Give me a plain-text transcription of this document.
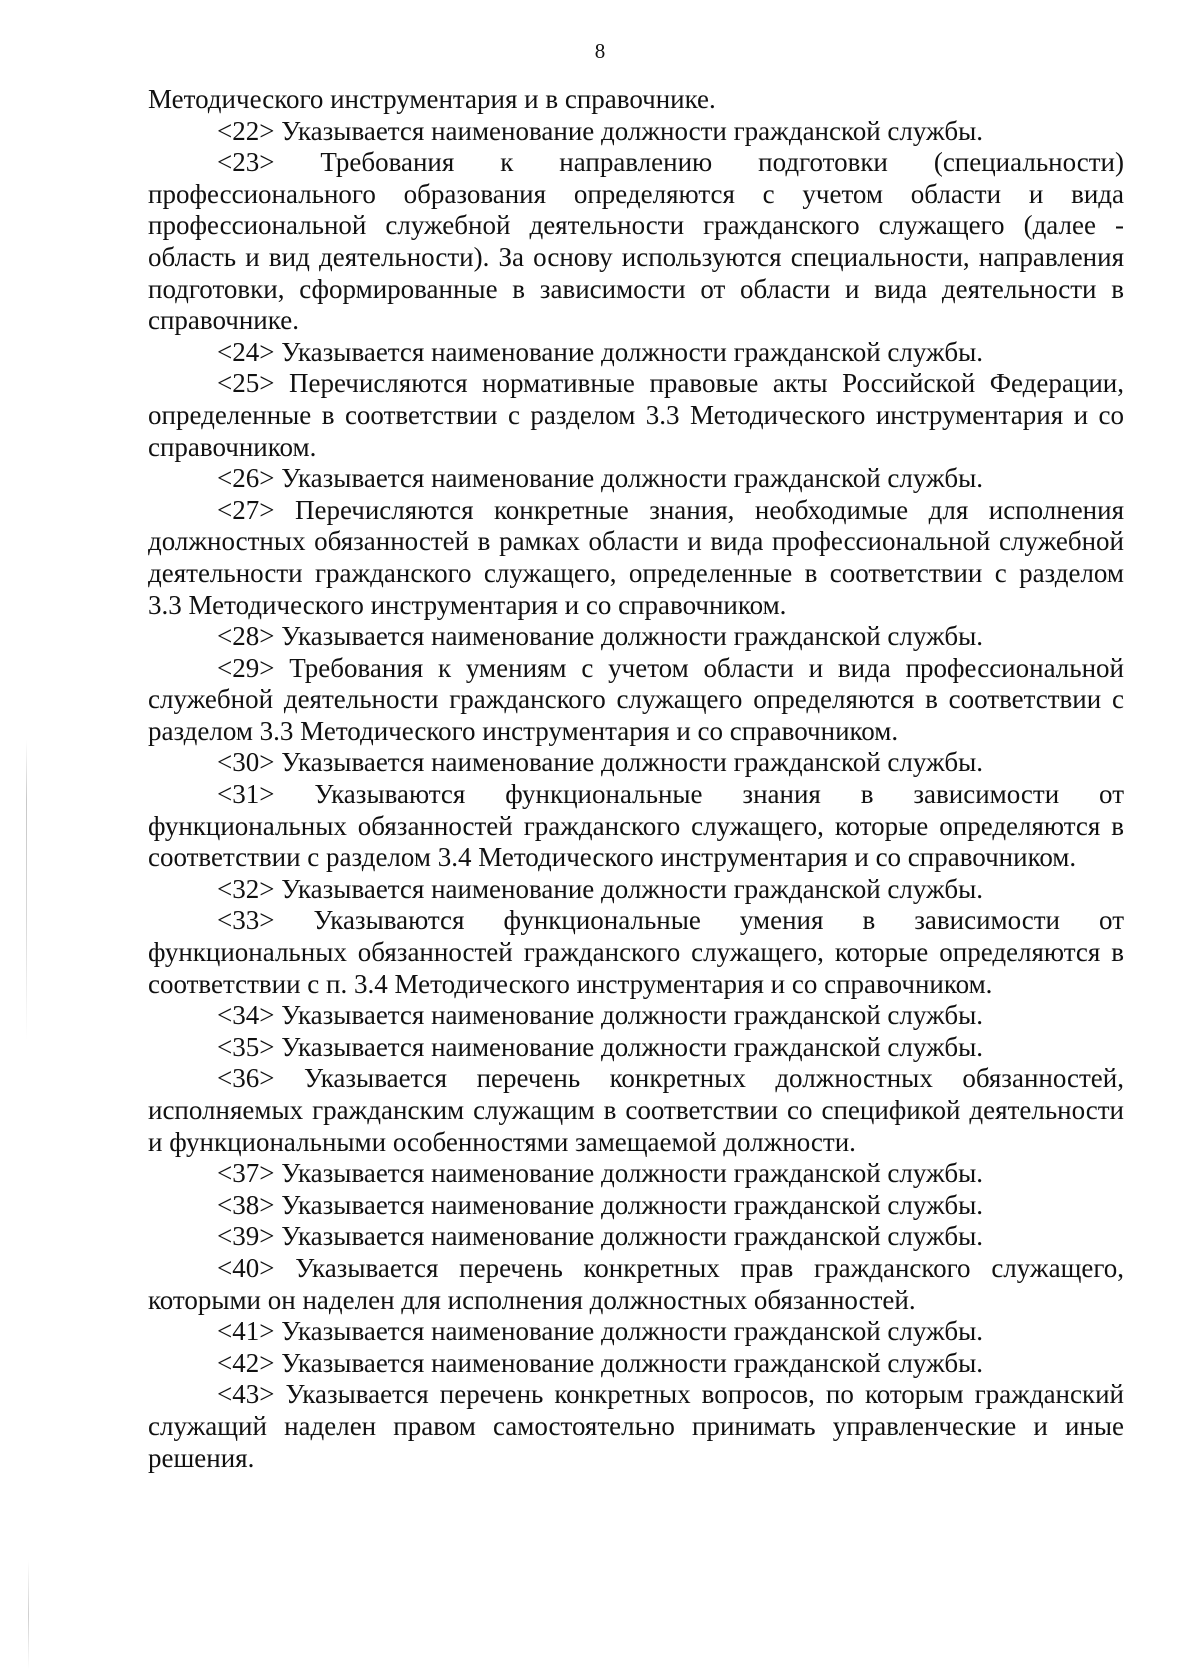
8

Методического инструментария и в справочнике.

<22> Указывается наименование должности гражданской службы.

<23> Требования к направлению подготовки (специальности) профессионального образования определяются с учетом области и вида профессиональной служебной деятельности гражданского служащего (далее - область и вид деятельности). За основу используются специальности, направления подготовки, сформированные в зависимости от области и вида деятельности в справочнике.

<24> Указывается наименование должности гражданской службы.

<25> Перечисляются нормативные правовые акты Российской Федерации, определенные в соответствии с разделом 3.3 Методического инструментария и со справочником.

<26> Указывается наименование должности гражданской службы.

<27> Перечисляются конкретные знания, необходимые для исполнения должностных обязанностей в рамках области и вида профессиональной служебной деятельности гражданского служащего, определенные в соответствии с разделом 3.3 Методического инструментария и со справочником.

<28> Указывается наименование должности гражданской службы.

<29> Требования к умениям с учетом области и вида профессиональной служебной деятельности гражданского служащего определяются в соответствии с разделом 3.3 Методического инструментария и со справочником.

<30> Указывается наименование должности гражданской службы.

<31> Указываются функциональные знания в зависимости от функциональных обязанностей гражданского служащего, которые определяются в соответствии с разделом 3.4 Методического инструментария и со справочником.

<32> Указывается наименование должности гражданской службы.

<33> Указываются функциональные умения в зависимости от функциональных обязанностей гражданского служащего, которые определяются в соответствии с п. 3.4 Методического инструментария и со справочником.

<34> Указывается наименование должности гражданской службы.

<35> Указывается наименование должности гражданской службы.

<36> Указывается перечень конкретных должностных обязанностей, исполняемых гражданским служащим в соответствии со спецификой деятельности и функциональными особенностями замещаемой должности.

<37> Указывается наименование должности гражданской службы.

<38> Указывается наименование должности гражданской службы.

<39> Указывается наименование должности гражданской службы.

<40> Указывается перечень конкретных прав гражданского служащего, которыми он наделен для исполнения должностных обязанностей.

<41> Указывается наименование должности гражданской службы.

<42> Указывается наименование должности гражданской службы.

<43> Указывается перечень конкретных вопросов, по которым гражданский служащий наделен правом самостоятельно принимать управленческие и иные решения.
